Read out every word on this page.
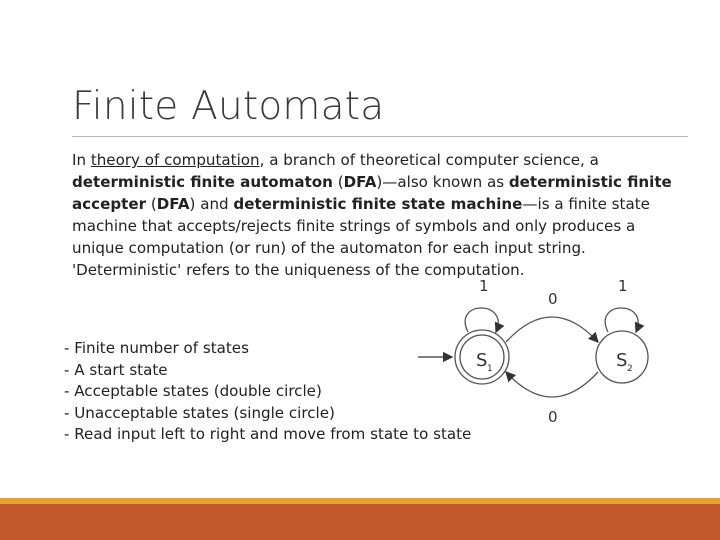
Finite Automata
In theory of computation, a branch of theoretical computer science, a deterministic finite automaton (DFA)—also known as deterministic finite accepter (DFA) and deterministic finite state machine—is a finite state machine that accepts/rejects finite strings of symbols and only produces a unique computation (or run) of the automaton for each input string. 'Deterministic' refers to the uniqueness of the computation.
- Finite number of states
- A start state
- Acceptable states (double circle)
- Unacceptable states (single circle)
- Read input left to right and move from state to state
S 1	S 2
1	1
0
0
